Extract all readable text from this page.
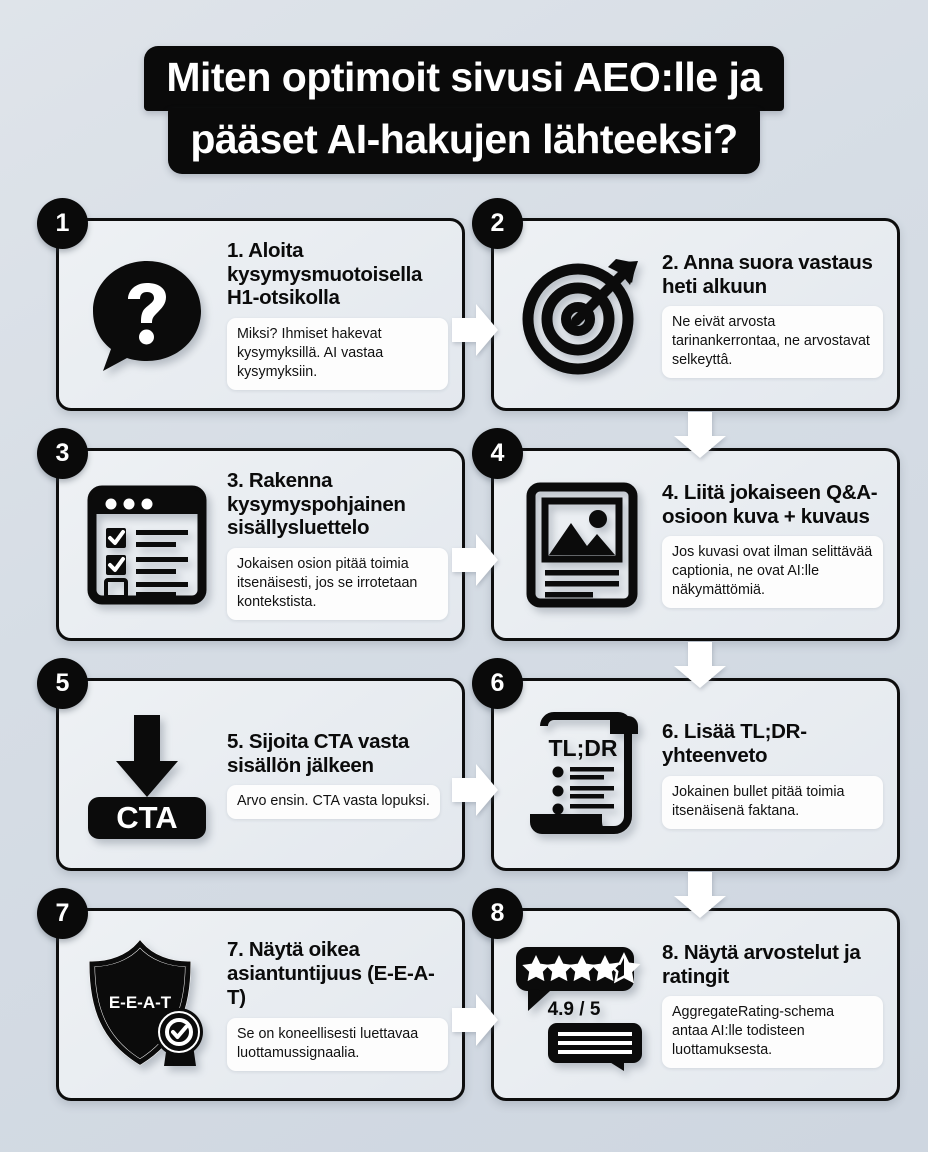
Miten optimoit sivusi AEO:lle ja
pääset AI-hakujen lähteeksi?
1
1. Aloita kysymysmuotoisella H1-otsikolla
Miksi? Ihmiset hakevat kysymyksillä. AI vastaa kysymyksiin.
2
2. Anna suora vastaus heti alkuun
Ne eivät arvosta tarinankerrontaa, ne arvostavat selkeyttâ.
3
3. Rakenna kysymyspohjainen sisällysluettelo
Jokaisen osion pitää toimia itsenäisesti, jos se irrotetaan kontekstista.
4
4. Liitä jokaiseen Q&A-osioon kuva + kuvaus
Jos kuvasi ovat ilman selittävää captionia, ne ovat AI:lle näkymättömiä.
5
CTA
5. Sijoita CTA vasta sisällön jälkeen
Arvo ensin. CTA vasta lopuksi.
6
TL;DR
6. Lisää TL;DR-yhteenveto
Jokainen bullet pitää toimia itsenäisenä faktana.
7
E-E-A-T
7. Näytä oikea asiantuntijuus (E-E-A-T)
Se on koneellisesti luettavaa luottamussignaalia.
8
4.9 / 5
8. Näytä arvostelut ja ratingit
AggregateRating-schema antaa AI:lle todisteen luottamuksesta.
